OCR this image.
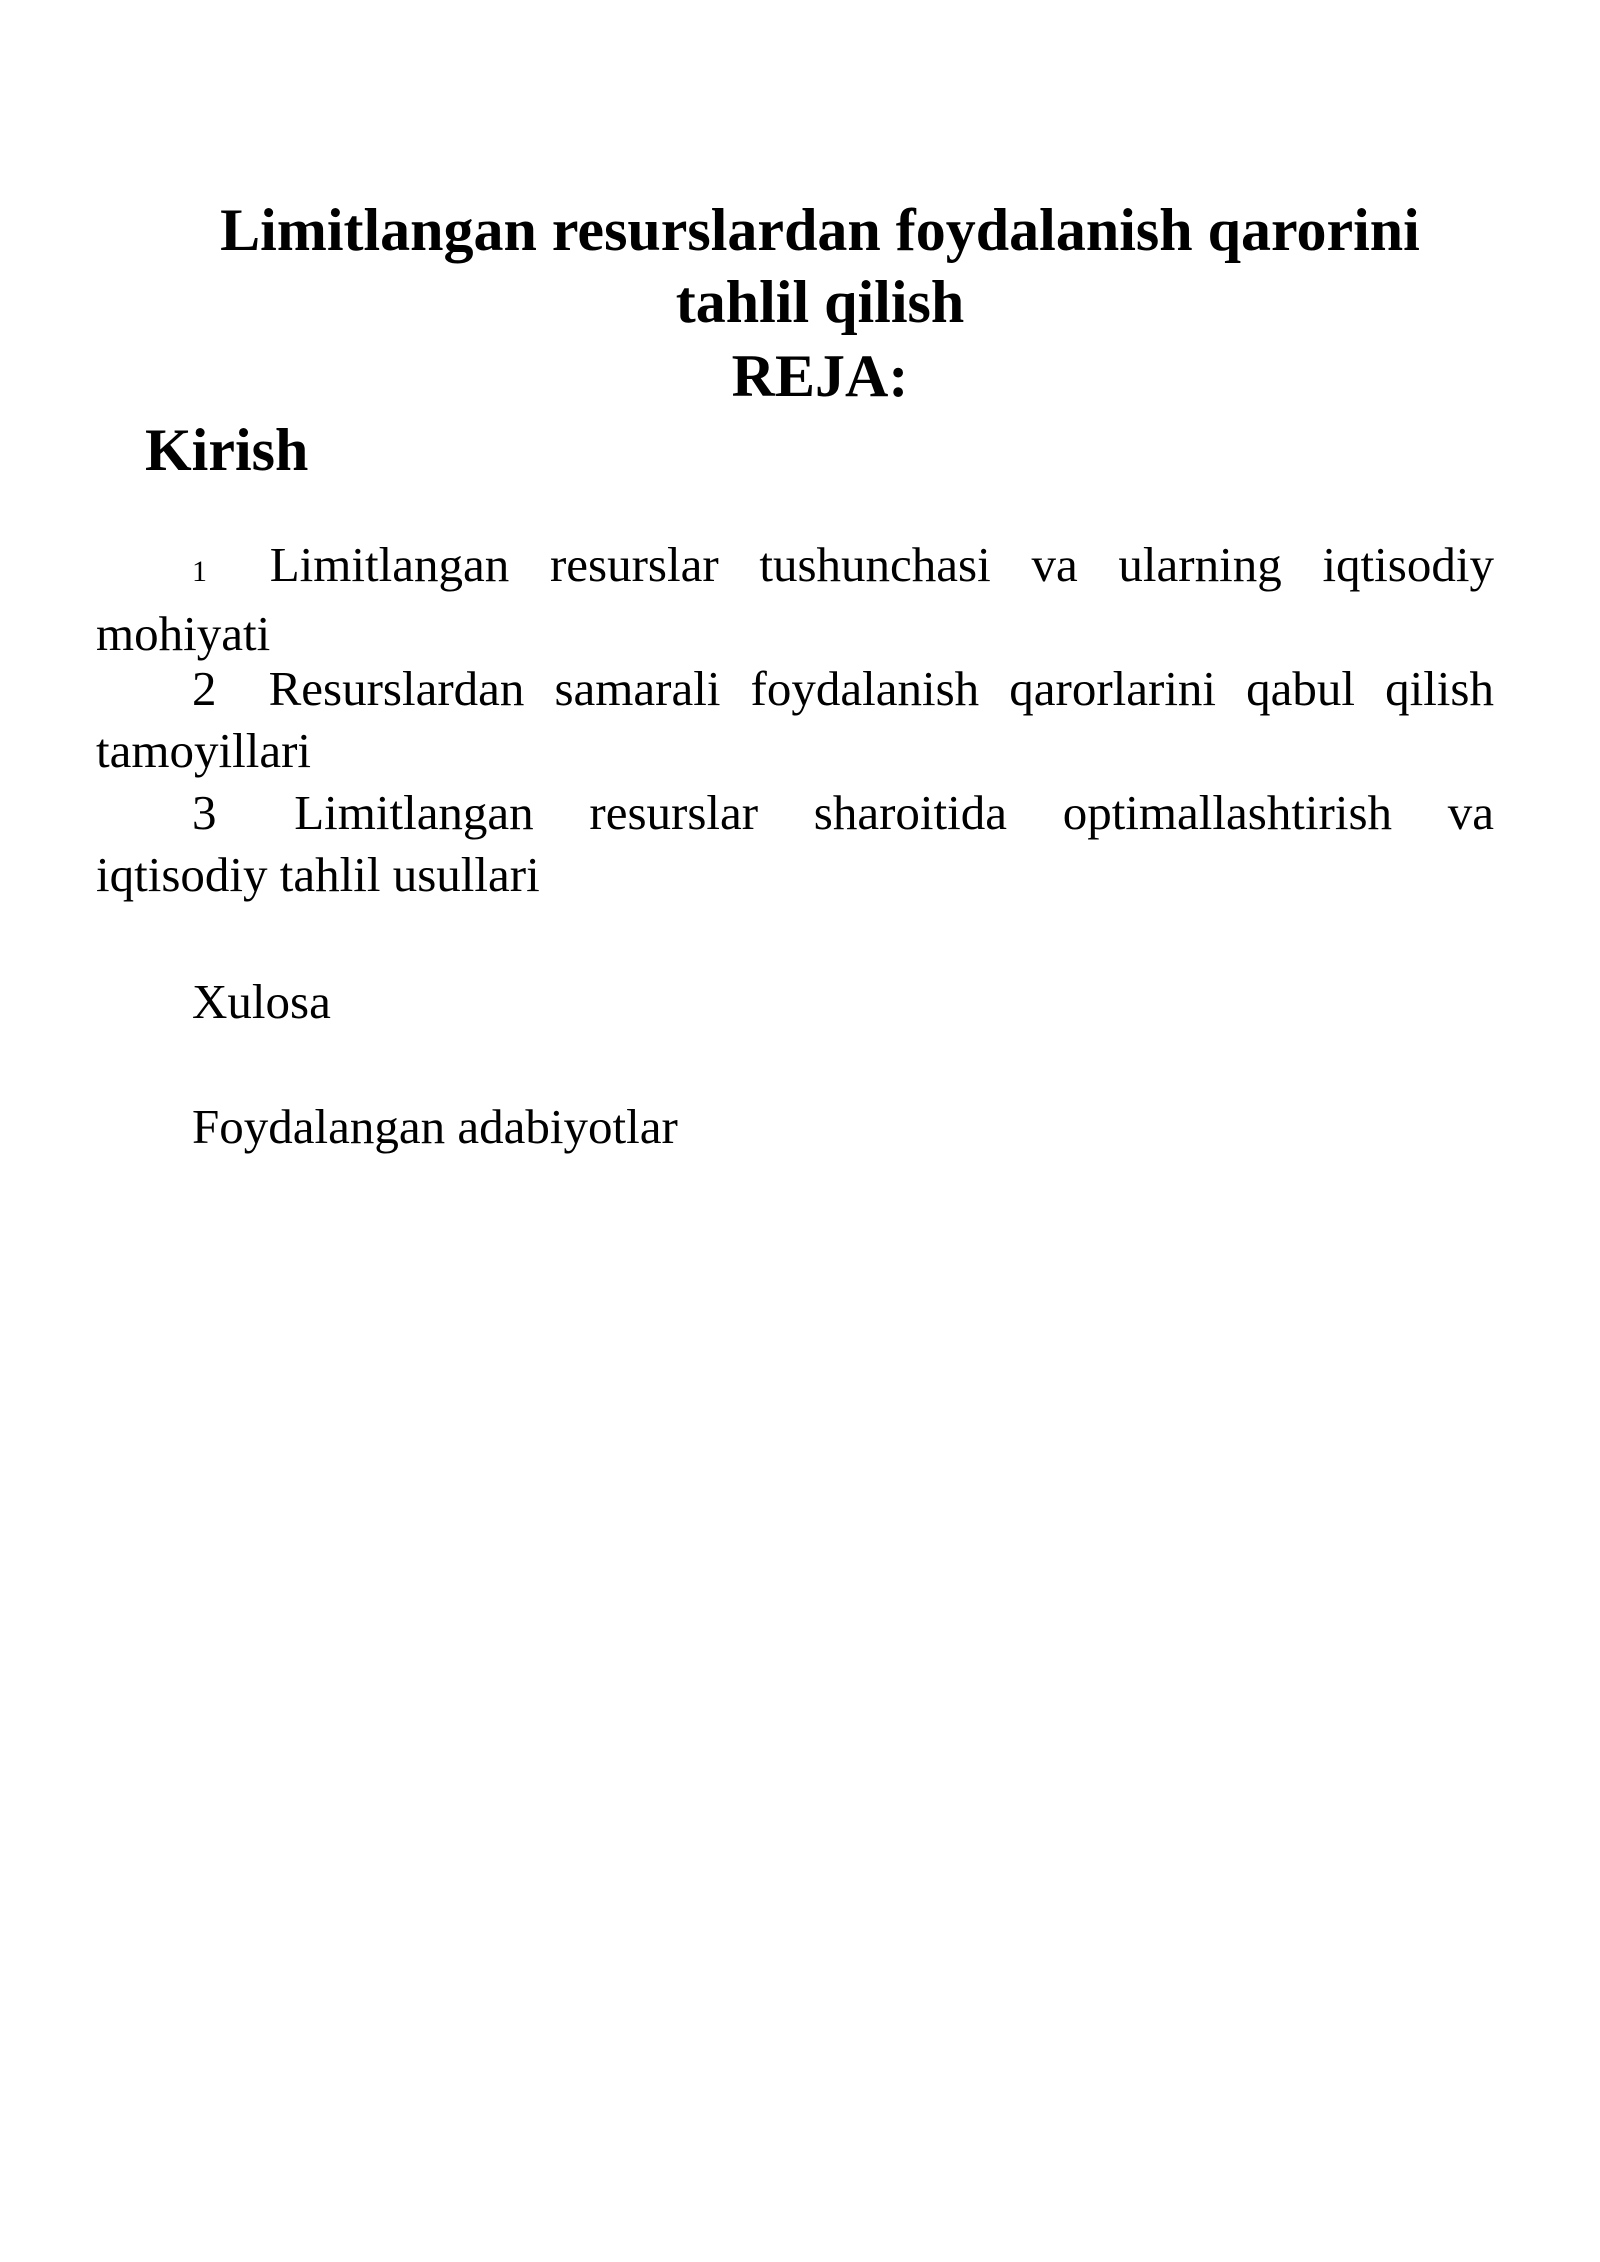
Limitlangan resurslardan foydalanish qarorini
tahlil qilish
REJA:
Kirish
1 Limitlangan resurslar tushunchasi va ularning iqtisodiy
mohiyati
2 Resurslardan samarali foydalanish qarorlarini qabul qilish
tamoyillari
3 Limitlangan resurslar sharoitida optimallashtirish va
iqtisodiy tahlil usullari
Xulosa
Foydalangan adabiyotlar
